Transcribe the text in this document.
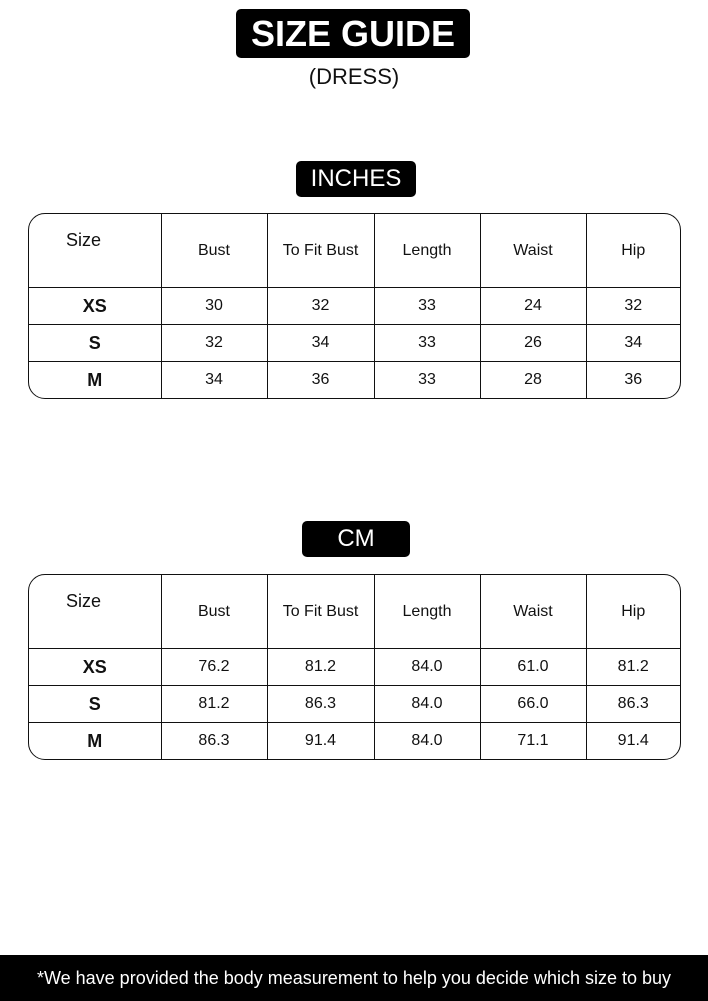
SIZE GUIDE
(DRESS)
INCHES
Size	Bust	To Fit Bust	Length	Waist	Hip
XS	30	32	33	24	32
S	32	34	33	26	34
M	34	36	33	28	36
CM
Size	Bust	To Fit Bust	Length	Waist	Hip
XS	76.2	81.2	84.0	61.0	81.2
S	81.2	86.3	84.0	66.0	86.3
M	86.3	91.4	84.0	71.1	91.4
*We have provided the body measurement to help you decide which size to buy
